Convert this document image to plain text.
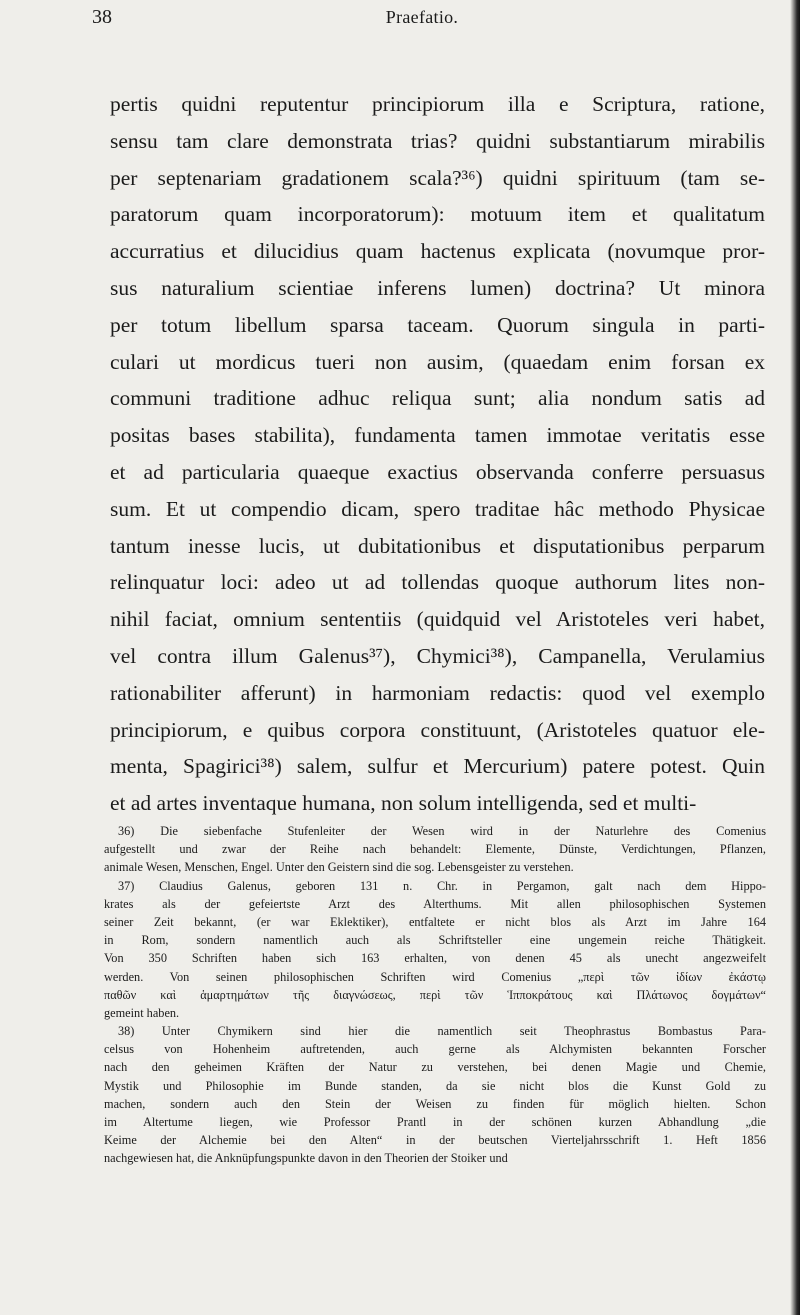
38	Praefatio.
pertis quidni reputentur principiorum illa e Scriptura, ratione,
sensu tam clare demonstrata trias? quidni substantiarum mirabilis
per septenariam gradationem scala?³⁶) quidni spirituum (tam se-
paratorum quam incorporatorum): motuum item et qualitatum
accurratius et dilucidius quam hactenus explicata (novumque pror-
sus naturalium scientiae inferens lumen) doctrina? Ut minora
per totum libellum sparsa taceam. Quorum singula in parti-
culari ut mordicus tueri non ausim, (quaedam enim forsan ex
communi traditione adhuc reliqua sunt; alia nondum satis ad
positas bases stabilita), fundamenta tamen immotae veritatis esse
et ad particularia quaeque exactius observanda conferre persuasus
sum. Et ut compendio dicam, spero traditae hâc methodo Physicae
tantum inesse lucis, ut dubitationibus et disputationibus perparum
relinquatur loci: adeo ut ad tollendas quoque authorum lites non-
nihil faciat, omnium sententiis (quidquid vel Aristoteles veri habet,
vel contra illum Galenus³⁷), Chymici³⁸), Campanella, Verulamius
rationabiliter afferunt) in harmoniam redactis: quod vel exemplo
principiorum, e quibus corpora constituunt, (Aristoteles quatuor ele-
menta, Spagirici³⁸) salem, sulfur et Mercurium) patere potest. Quin
et ad artes inventaque humana, non solum intelligenda, sed et multi-
36) Die siebenfache Stufenleiter der Wesen wird in der Naturlehre des Comenius
aufgestellt und zwar der Reihe nach behandelt: Elemente, Dünste, Verdichtungen, Pflanzen,
animale Wesen, Menschen, Engel. Unter den Geistern sind die sog. Lebensgeister zu verstehen.
37) Claudius Galenus, geboren 131 n. Chr. in Pergamon, galt nach dem Hippo-
krates als der gefeiertste Arzt des Alterthums. Mit allen philosophischen Systemen
seiner Zeit bekannt, (er war Eklektiker), entfaltete er nicht blos als Arzt im Jahre 164
in Rom, sondern namentlich auch als Schriftsteller eine ungemein reiche Thätigkeit.
Von 350 Schriften haben sich 163 erhalten, von denen 45 als unecht angezweifelt
werden. Von seinen philosophischen Schriften wird Comenius „περὶ τῶν ἰδίων ἐκάστῳ
παθῶν καὶ ἁμαρτημάτων τῆς διαγνώσεως, περὶ τῶν Ἱπποκράτους καὶ Πλάτωνος δογμάτων“
gemeint haben.
38) Unter Chymikern sind hier die namentlich seit Theophrastus Bombastus Para-
celsus von Hohenheim auftretenden, auch gerne als Alchymisten bekannten Forscher
nach den geheimen Kräften der Natur zu verstehen, bei denen Magie und Chemie,
Mystik und Philosophie im Bunde standen, da sie nicht blos die Kunst Gold zu
machen, sondern auch den Stein der Weisen zu finden für möglich hielten. Schon
im Altertume liegen, wie Professor Prantl in der schönen kurzen Abhandlung „die
Keime der Alchemie bei den Alten“ in der beutschen Vierteljahrsschrift 1. Heft 1856
nachgewiesen hat, die Anknüpfungspunkte davon in den Theorien der Stoiker und
